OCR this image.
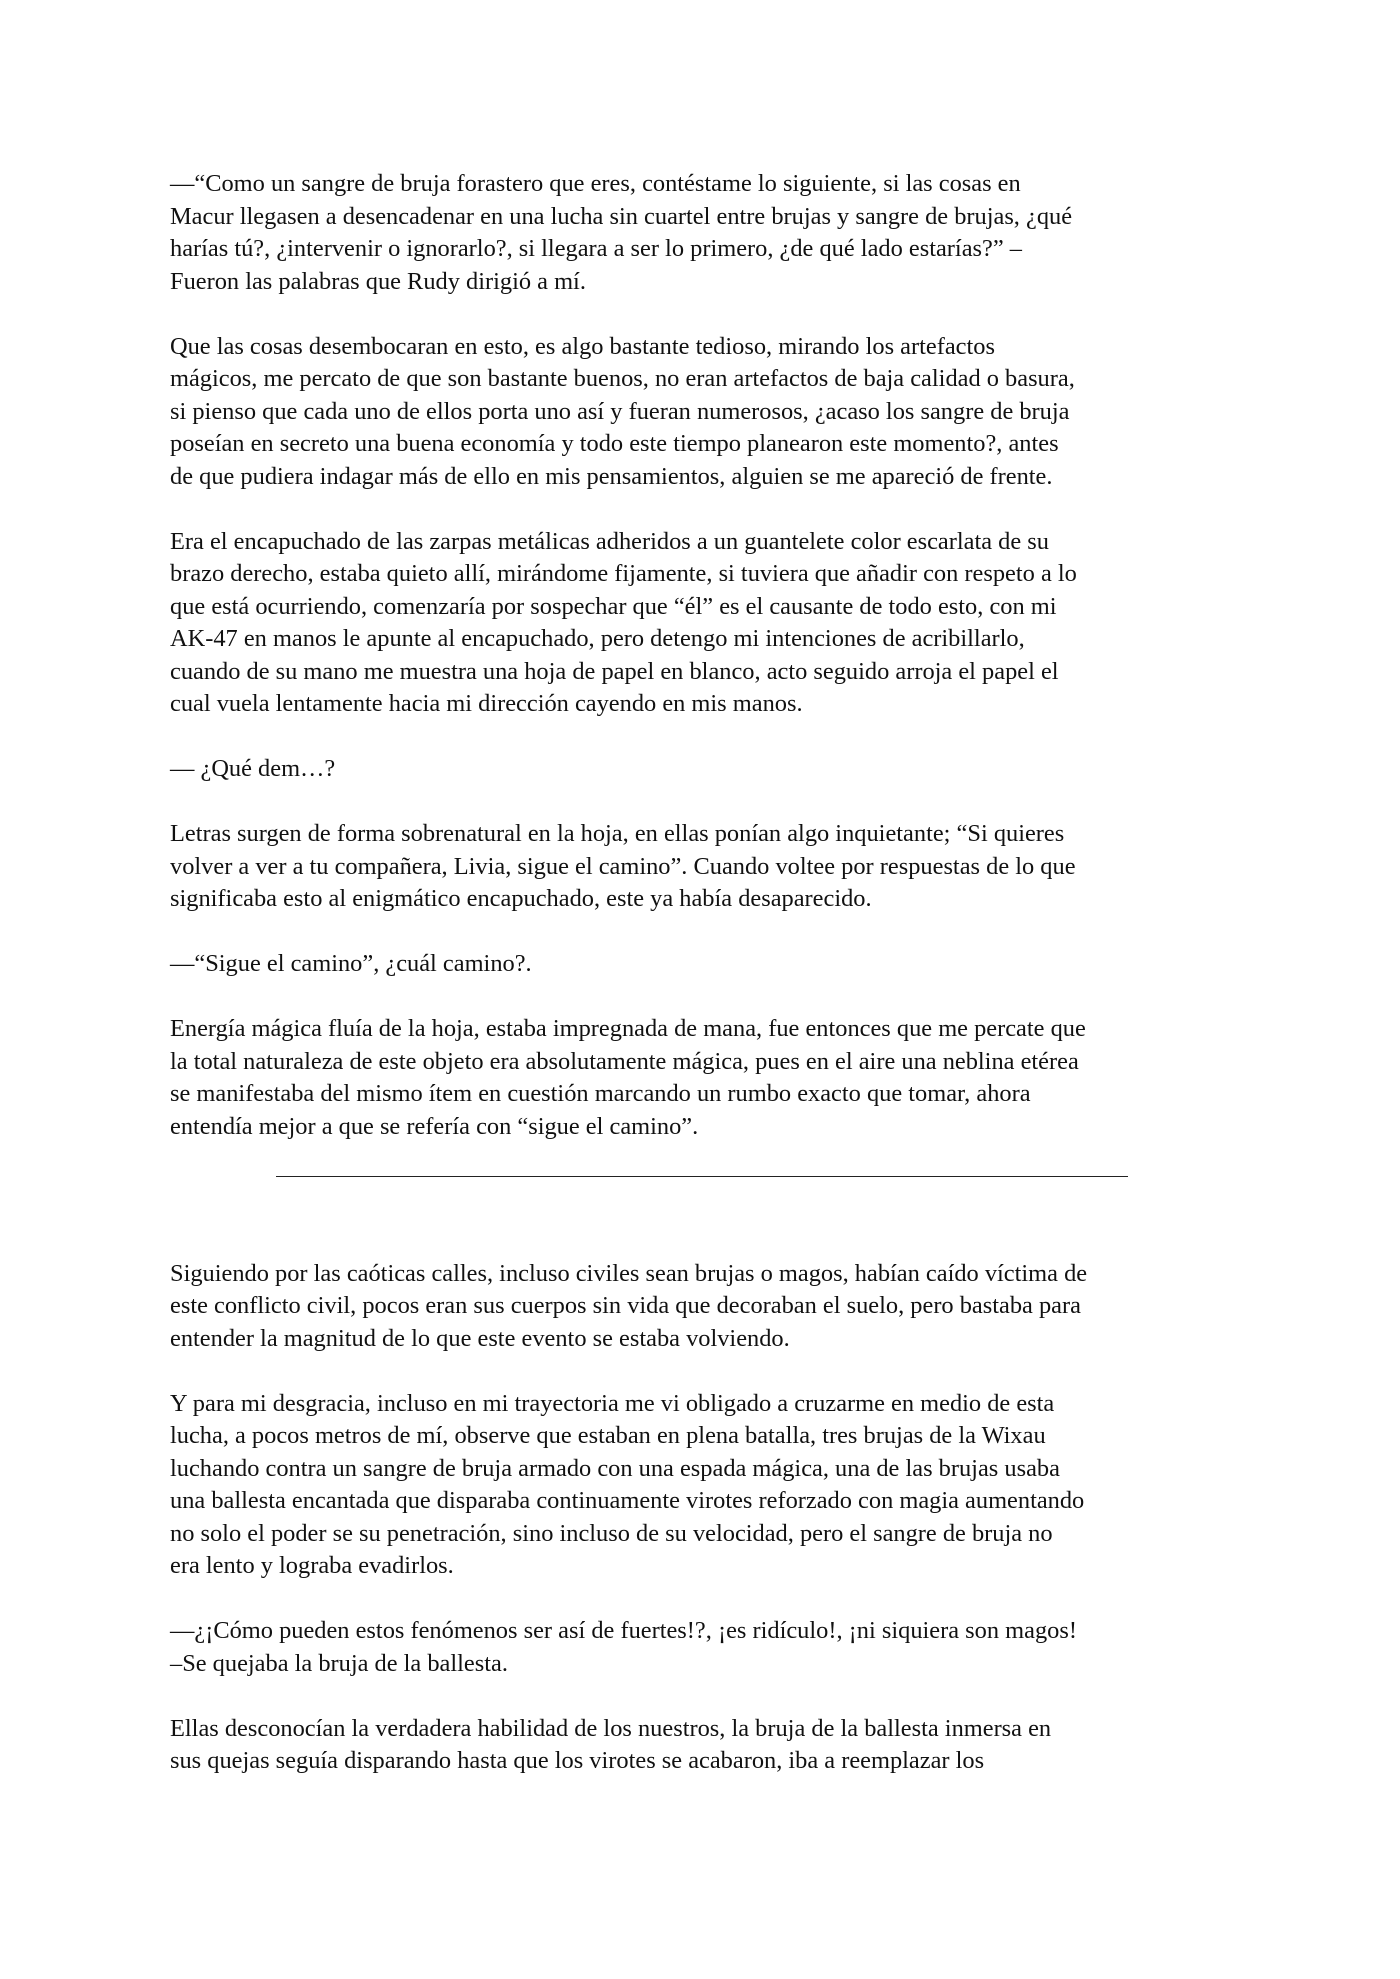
—“Como un sangre de bruja forastero que eres, contéstame lo siguiente, si las cosas en
Macur llegasen a desencadenar en una lucha sin cuartel entre brujas y sangre de brujas, ¿qué
harías tú?, ¿intervenir o ignorarlo?, si llegara a ser lo primero, ¿de qué lado estarías?” –
Fueron las palabras que Rudy dirigió a mí.

Que las cosas desembocaran en esto, es algo bastante tedioso, mirando los artefactos
mágicos, me percato de que son bastante buenos, no eran artefactos de baja calidad o basura,
si pienso que cada uno de ellos porta uno así y fueran numerosos, ¿acaso los sangre de bruja
poseían en secreto una buena economía y todo este tiempo planearon este momento?, antes
de que pudiera indagar más de ello en mis pensamientos, alguien se me apareció de frente.

Era el encapuchado de las zarpas metálicas adheridos a un guantelete color escarlata de su
brazo derecho, estaba quieto allí, mirándome fijamente, si tuviera que añadir con respeto a lo
que está ocurriendo, comenzaría por sospechar que “él” es el causante de todo esto, con mi
AK-47 en manos le apunte al encapuchado, pero detengo mi intenciones de acribillarlo,
cuando de su mano me muestra una hoja de papel en blanco, acto seguido arroja el papel el
cual vuela lentamente hacia mi dirección cayendo en mis manos.

— ¿Qué dem…?

Letras surgen de forma sobrenatural en la hoja, en ellas ponían algo inquietante; “Si quieres
volver a ver a tu compañera, Livia, sigue el camino”. Cuando voltee por respuestas de lo que
significaba esto al enigmático encapuchado, este ya había desaparecido.

—“Sigue el camino”, ¿cuál camino?.

Energía mágica fluía de la hoja, estaba impregnada de mana, fue entonces que me percate que
la total naturaleza de este objeto era absolutamente mágica, pues en el aire una neblina etérea
se manifestaba del mismo ítem en cuestión marcando un rumbo exacto que tomar, ahora
entendía mejor a que se refería con “sigue el camino”.

Siguiendo por las caóticas calles, incluso civiles sean brujas o magos, habían caído víctima de
este conflicto civil, pocos eran sus cuerpos sin vida que decoraban el suelo, pero bastaba para
entender la magnitud de lo que este evento se estaba volviendo.

Y para mi desgracia, incluso en mi trayectoria me vi obligado a cruzarme en medio de esta
lucha, a pocos metros de mí, observe que estaban en plena batalla, tres brujas de la Wixau
luchando contra un sangre de bruja armado con una espada mágica, una de las brujas usaba
una ballesta encantada que disparaba continuamente virotes reforzado con magia aumentando
no solo el poder se su penetración, sino incluso de su velocidad, pero el sangre de bruja no
era lento y lograba evadirlos.

—¿¡Cómo pueden estos fenómenos ser así de fuertes!?, ¡es ridículo!, ¡ni siquiera son magos!
–Se quejaba la bruja de la ballesta.

Ellas desconocían la verdadera habilidad de los nuestros, la bruja de la ballesta inmersa en
sus quejas seguía disparando hasta que los virotes se acabaron, iba a reemplazar los
